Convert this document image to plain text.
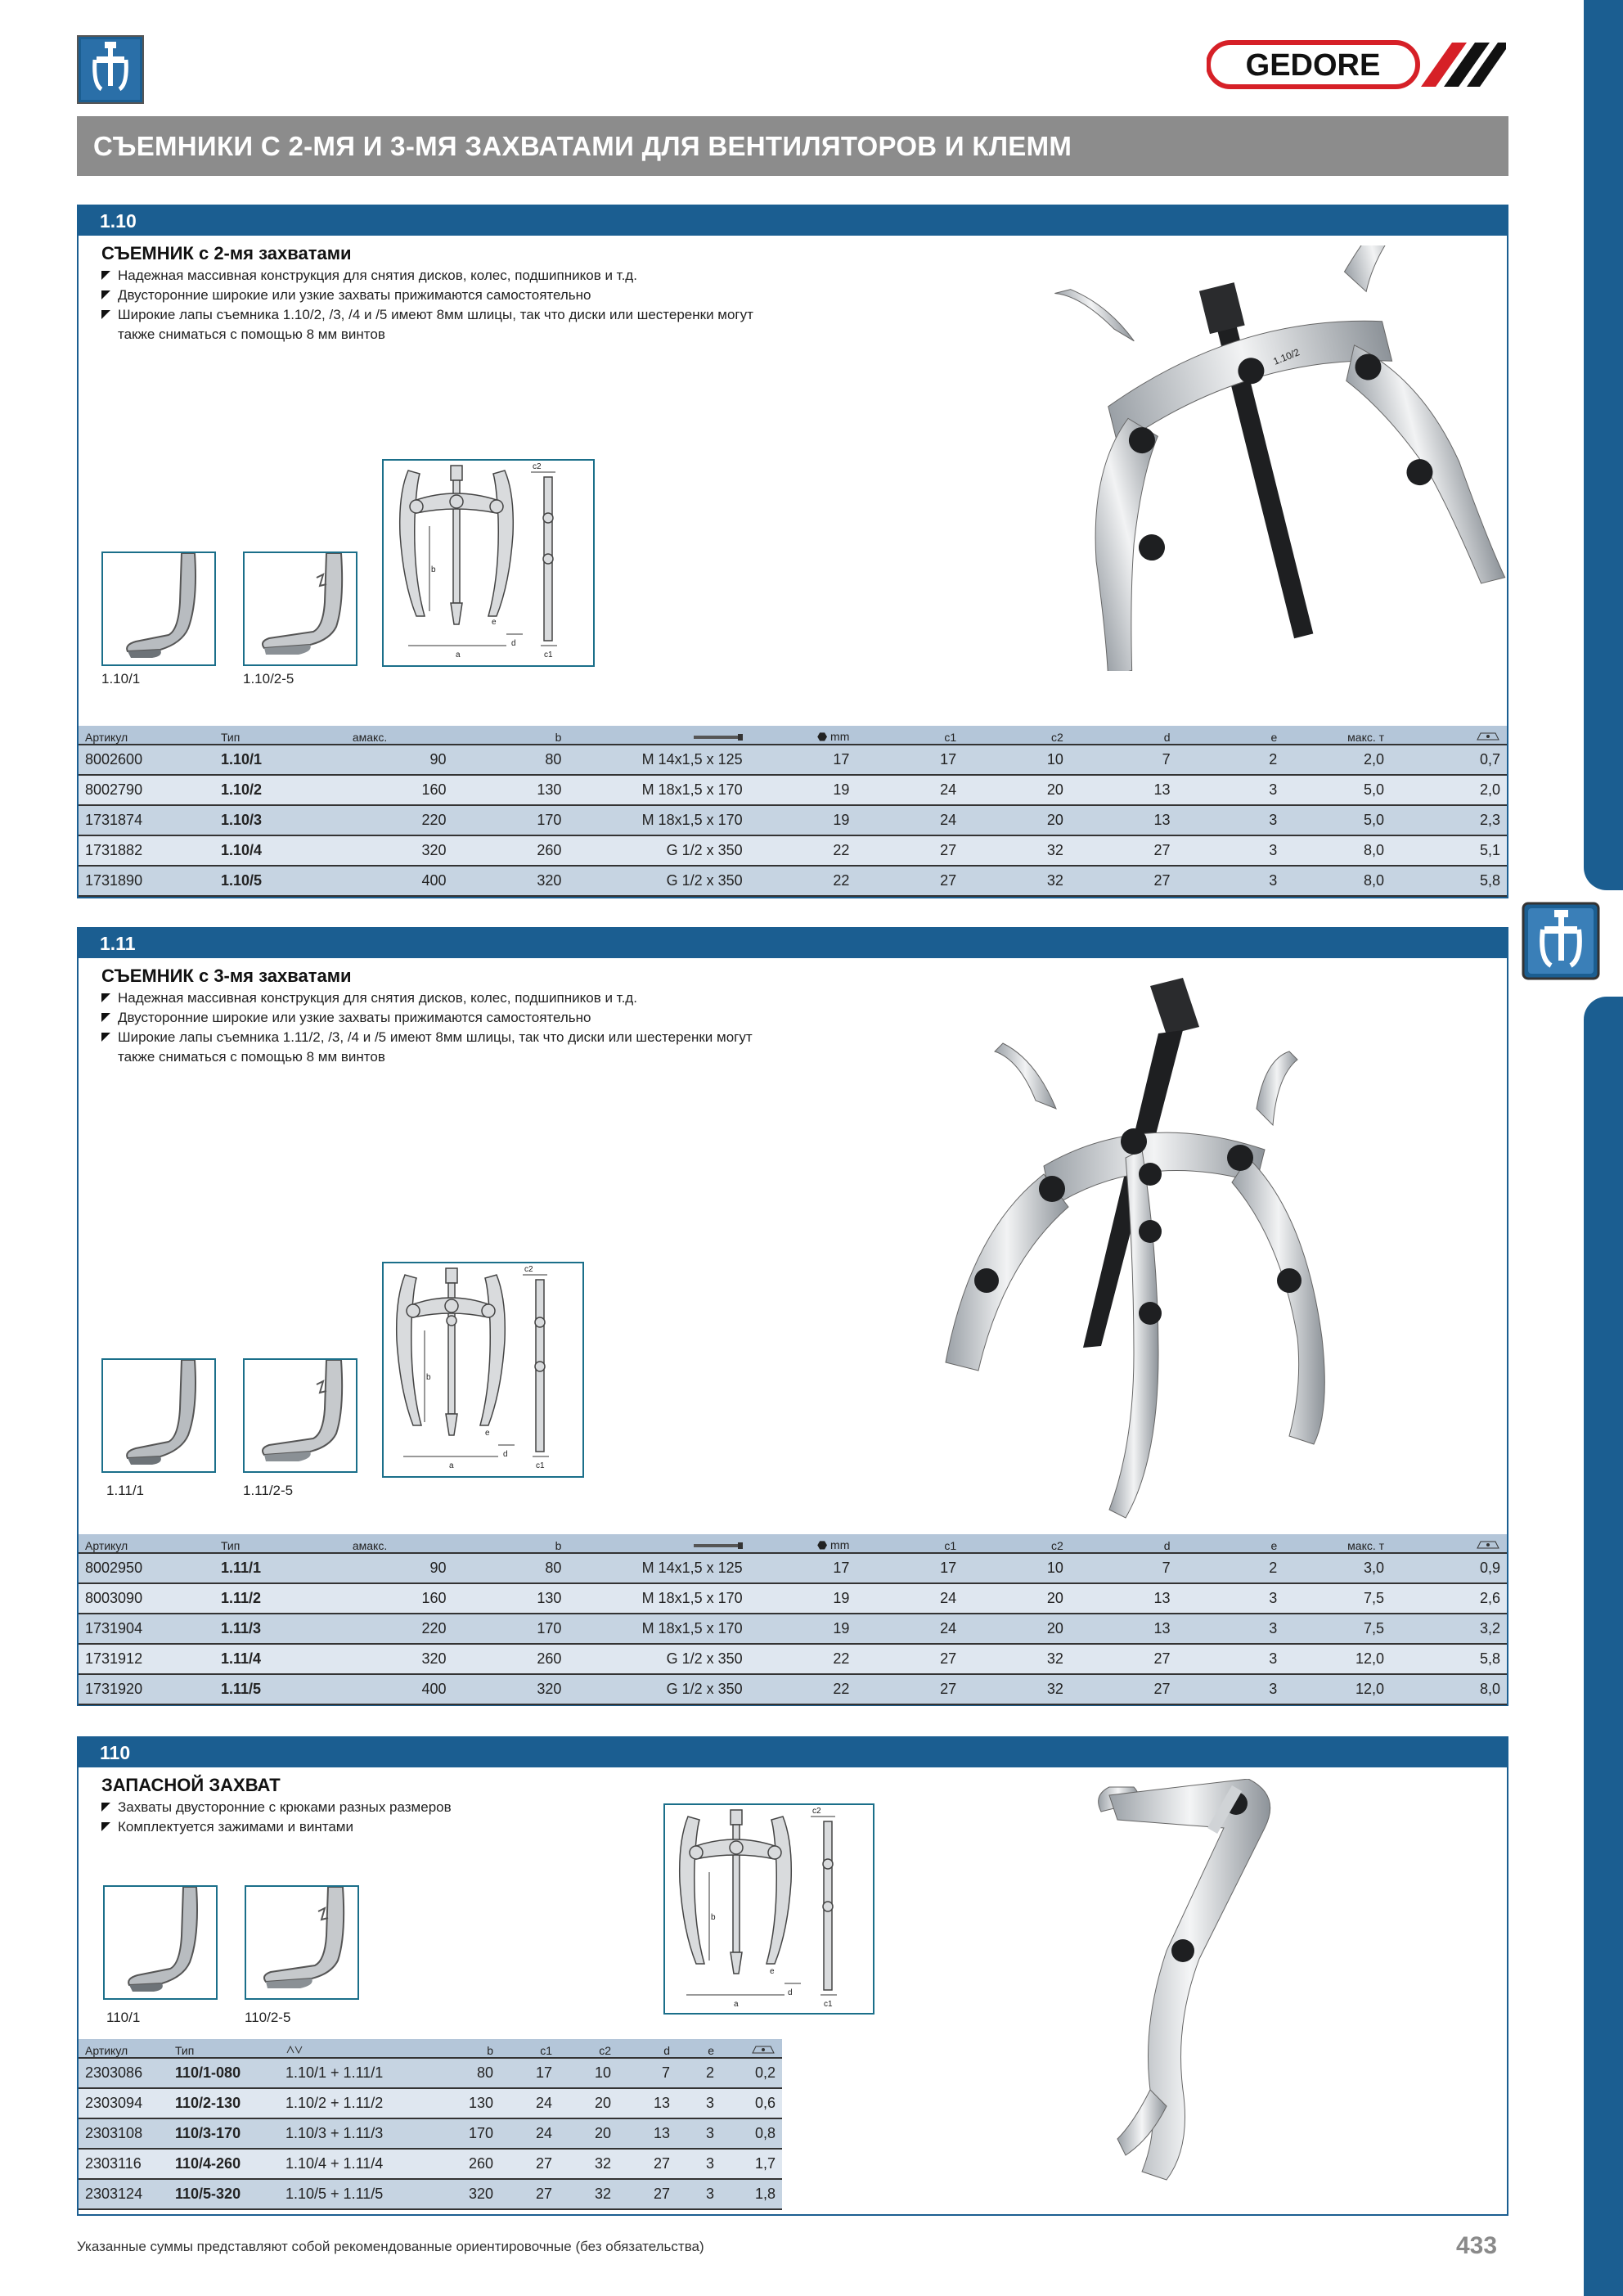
GEDORE
СЪЕМНИКИ С 2-МЯ И 3-МЯ ЗАХВАТАМИ ДЛЯ ВЕНТИЛЯТОРОВ И КЛЕММ
1.10
СЪЕМНИК с 2-мя захватами
Надежная массивная конструкция для снятия дисков, колес, подшипников и т.д.
Двусторонние широкие или узкие захваты прижимаются самостоятельно
Широкие лапы съемника 1.10/2, /3, /4 и /5 имеют 8мм шлицы, так что диски или шестеренки могут также сниматься с помощью 8 мм винтов
1.10/1	1.10/2-5
a
b
e
d
c1
c2
1.10/2
Артикул	Тип	aмакс.	b		⬣ mm	c1	c2	d	e	макс. т	
8002600	1.10/1	90	80	M 14x1,5 x 125	17	17	10	7	2	2,0	0,7
8002790	1.10/2	160	130	M 18x1,5 x 170	19	24	20	13	3	5,0	2,0
1731874	1.10/3	220	170	M 18x1,5 x 170	19	24	20	13	3	5,0	2,3
1731882	1.10/4	320	260	G 1/2 x 350	22	27	32	27	3	8,0	5,1
1731890	1.10/5	400	320	G 1/2 x 350	22	27	32	27	3	8,0	5,8
1.11
СЪЕМНИК с 3-мя захватами
Надежная массивная конструкция для снятия дисков, колес, подшипников и т.д.
Двусторонние широкие или узкие захваты прижимаются самостоятельно
Широкие лапы съемника 1.11/2, /3, /4 и /5 имеют 8мм шлицы, так что диски или шестеренки могут также сниматься с помощью 8 мм винтов
1.11/1	1.11/2-5
a
b
e
d
c1
c2
Артикул	Тип	aмакс.	b		⬣ mm	c1	c2	d	e	макс. т	
8002950	1.11/1	90	80	M 14x1,5 x 125	17	17	10	7	2	3,0	0,9
8003090	1.11/2	160	130	M 18x1,5 x 170	19	24	20	13	3	7,5	2,6
1731904	1.11/3	220	170	M 18x1,5 x 170	19	24	20	13	3	7,5	3,2
1731912	1.11/4	320	260	G 1/2 x 350	22	27	32	27	3	12,0	5,8
1731920	1.11/5	400	320	G 1/2 x 350	22	27	32	27	3	12,0	8,0
110
ЗАПАСНОЙ ЗАХВАТ
Захваты двусторонние с крюками разных размеров
Комплектуется зажимами и винтами
110/1	110/2-5
a
b
e
d
c1
c2
Артикул	Тип		b	c1	c2	d	e	
2303086	110/1-080	1.10/1 + 1.11/1	80	17	10	7	2	0,2
2303094	110/2-130	1.10/2 + 1.11/2	130	24	20	13	3	0,6
2303108	110/3-170	1.10/3 + 1.11/3	170	24	20	13	3	0,8
2303116	110/4-260	1.10/4 + 1.11/4	260	27	32	27	3	1,7
2303124	110/5-320	1.10/5 + 1.11/5	320	27	32	27	3	1,8
Указанные суммы представляют собой рекомендованные ориентировочные (без обязательства)	433
